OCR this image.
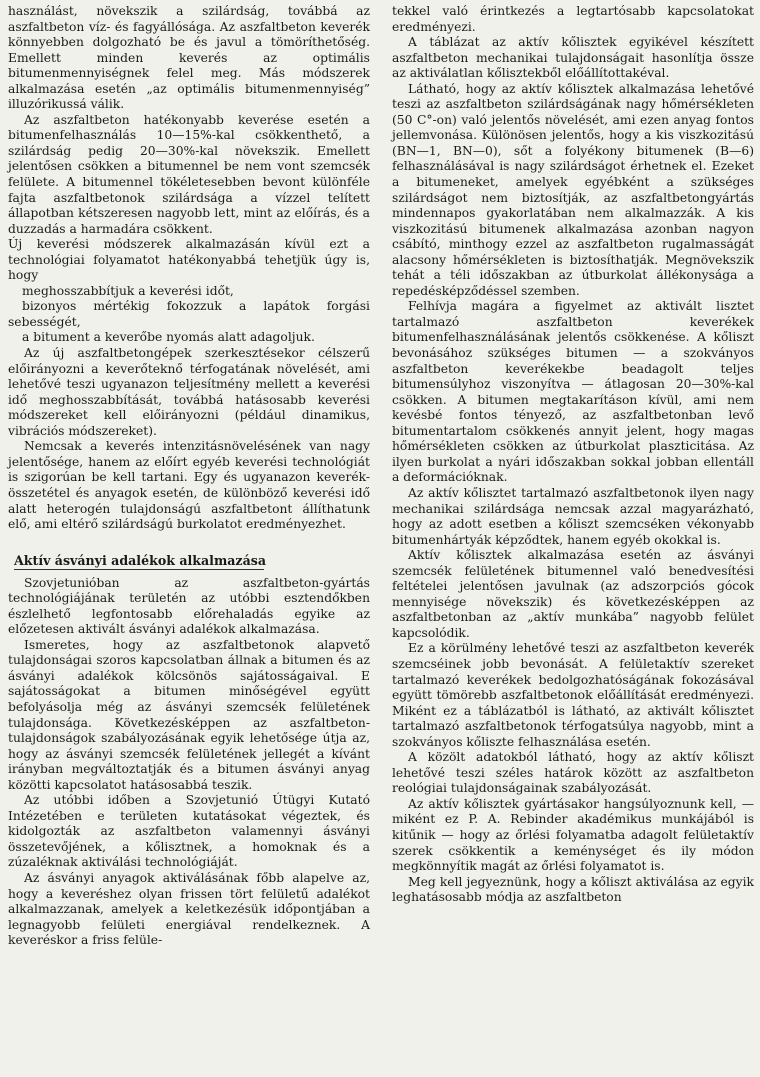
használást, növekszik a szilárdság, továbbá az aszfaltbeton víz- és fagyállósága. Az aszfaltbeton keverék könnyebben dolgozható be és javul a tömöríthetőség. Emellett minden keverés az optimális bitumenmennyiségnek felel meg. Más módszerek alkalmazása esetén „az optimális bitumenmennyiség” illuzórikussá válik.

Az aszfaltbeton hatékonyabb keverése esetén a bitumenfelhasználás 10—15%-kal csökkenthető, a szilárdság pedig 20—30%-kal növekszik. Emellett jelentősen csökken a bitumennel be nem vont szemcsék felülete. A bitumennel tökéletesebben bevont különféle fajta aszfaltbetonok szilárdsága a vízzel telített állapotban kétszeresen nagyobb lett, mint az előírás, és a duzzadás a harmadára csökkent.

Új keverési módszerek alkalmazásán kívül ezt a technológiai folyamatot hatékonyabbá tehetjük úgy is, hogy

meghosszabbítjuk a keverési időt,

bizonyos mértékig fokozzuk a lapátok forgási sebességét,

a bitument a keverőbe nyomás alatt adagoljuk.

Az új aszfaltbetongépek szerkesztésekor célszerű előirányozni a keverőteknő térfogatának növelését, ami lehetővé teszi ugyanazon teljesítmény mellett a keverési idő meghosszabbítását, továbbá hatásosabb keverési módszereket kell előirányozni (például dinamikus, vibrációs módszereket).

Nemcsak a keverés intenzitásnövelésének van nagy jelentősége, hanem az előírt egyéb keverési technológiát is szigorúan be kell tartani. Egy és ugyanazon keverék-összetétel és anyagok esetén, de különböző keverési idő alatt heterogén tulajdonságú aszfaltbetont állíthatunk elő, ami eltérő szilárdságú burkolatot eredményezhet.

Aktív ásványi adalékok alkalmazása

Szovjetunióban az aszfaltbeton-gyártás technológiájának területén az utóbbi esztendőkben észlelhető legfontosabb előrehaladás egyike az előzetesen aktivált ásványi adalékok alkalmazása.

Ismeretes, hogy az aszfaltbetonok alapvető tulajdonságai szoros kapcsolatban állnak a bitumen és az ásványi adalékok kölcsönös sajátosságaival. E sajátosságokat a bitumen minőségével együtt befolyásolja még az ásványi szemcsék felületének tulajdonsága. Következésképpen az aszfaltbeton-tulajdonságok szabályozásának egyik lehetősége útja az, hogy az ásványi szemcsék felületének jellegét a kívánt irányban megváltoztatják és a bitumen ásványi anyag közötti kapcsolatot hatásosabbá teszik.

Az utóbbi időben a Szovjetunió Útügyi Kutató Intézetében e területen kutatásokat végeztek, és kidolgozták az aszfaltbeton valamennyi ásványi összetevőjének, a kőlisztnek, a homoknak és a zúzaléknak aktiválási technológiáját.

Az ásványi anyagok aktiválásának főbb alapelve az, hogy a keveréshez olyan frissen tört felületű adalékot alkalmazzanak, amelyek a keletkezésük időpontjában a legnagyobb felületi energiával rendelkeznek. A keveréskor a friss felüle-

tekkel való érintkezés a legtartósabb kapcsolatokat eredményezi.

A táblázat az aktív kőlisztek egyikével készített aszfaltbeton mechanikai tulajdonságait hasonlítja össze az aktiválatlan kőlisztekből előállítottakéval.

Látható, hogy az aktív kőlisztek alkalmazása lehetővé teszi az aszfaltbeton szilárdságának nagy hőmérsékleten (50 C°-on) való jelentős növelését, ami ezen anyag fontos jellemvonása. Különösen jelentős, hogy a kis viszkozitású (BN—1, BN—0), sőt a folyékony bitumenek (B—6) felhasználásával is nagy szilárdságot érhetnek el. Ezeket a bitumeneket, amelyek egyébként a szükséges szilárdságot nem biztosítják, az aszfaltbetongyártás mindennapos gyakorlatában nem alkalmazzák. A kis viszkozitású bitumenek alkalmazása azonban nagyon csábító, minthogy ezzel az aszfaltbeton rugalmasságát alacsony hőmérsékleten is biztosíthatják. Megnövekszik tehát a téli időszakban az útburkolat állékonysága a repedésképződéssel szemben.

Felhívja magára a figyelmet az aktivált lisztet tartalmazó aszfaltbeton keverékek bitumenfelhasználásának jelentős csökkenése. A kőliszt bevonásához szükséges bitumen — a szokványos aszfaltbeton keverékekbe beadagolt teljes bitumensúlyhoz viszonyítva — átlagosan 20—30%-kal csökken. A bitumen megtakarításon kívül, ami nem kevésbé fontos tényező, az aszfaltbetonban levő bitumentartalom csökkenés annyit jelent, hogy magas hőmérsékleten csökken az útburkolat plaszticitása. Az ilyen burkolat a nyári időszakban sokkal jobban ellentáll a deformációknak.

Az aktív kőlisztet tartalmazó aszfaltbetonok ilyen nagy mechanikai szilárdsága nemcsak azzal magyarázható, hogy az adott esetben a kőliszt szemcséken vékonyabb bitumenhártyák képződtek, hanem egyéb okokkal is.

Aktív kőlisztek alkalmazása esetén az ásványi szemcsék felületének bitumennel való benedvesítési feltételei jelentősen javulnak (az adszorpciós gócok mennyisége növekszik) és következésképpen az aszfaltbetonban az „aktív munkába” nagyobb felület kapcsolódik.

Ez a körülmény lehetővé teszi az aszfaltbeton keverék szemcséinek jobb bevonását. A felületaktív szereket tartalmazó keverékek bedolgozhatóságának fokozásával együtt tömörebb aszfaltbetonok előállítását eredményezi. Miként ez a táblázatból is látható, az aktivált kőlisztet tartalmazó aszfaltbetonok térfogatsúlya nagyobb, mint a szokványos kőliszte felhasználása esetén.

A közölt adatokból látható, hogy az aktív kőliszt lehetővé teszi széles határok között az aszfaltbeton reológiai tulajdonságainak szabályozását.

Az aktív kőlisztek gyártásakor hangsúlyoznunk kell, — miként ez P. A. Rebinder akadémikus munkájából is kitűnik — hogy az őrlési folyamatba adagolt felületaktív szerek csökkentik a keménységet és ily módon megkönnyítik magát az őrlési folyamatot is.

Meg kell jegyeznünk, hogy a kőliszt aktiválása az egyik leghatásosabb módja az aszfaltbeton
